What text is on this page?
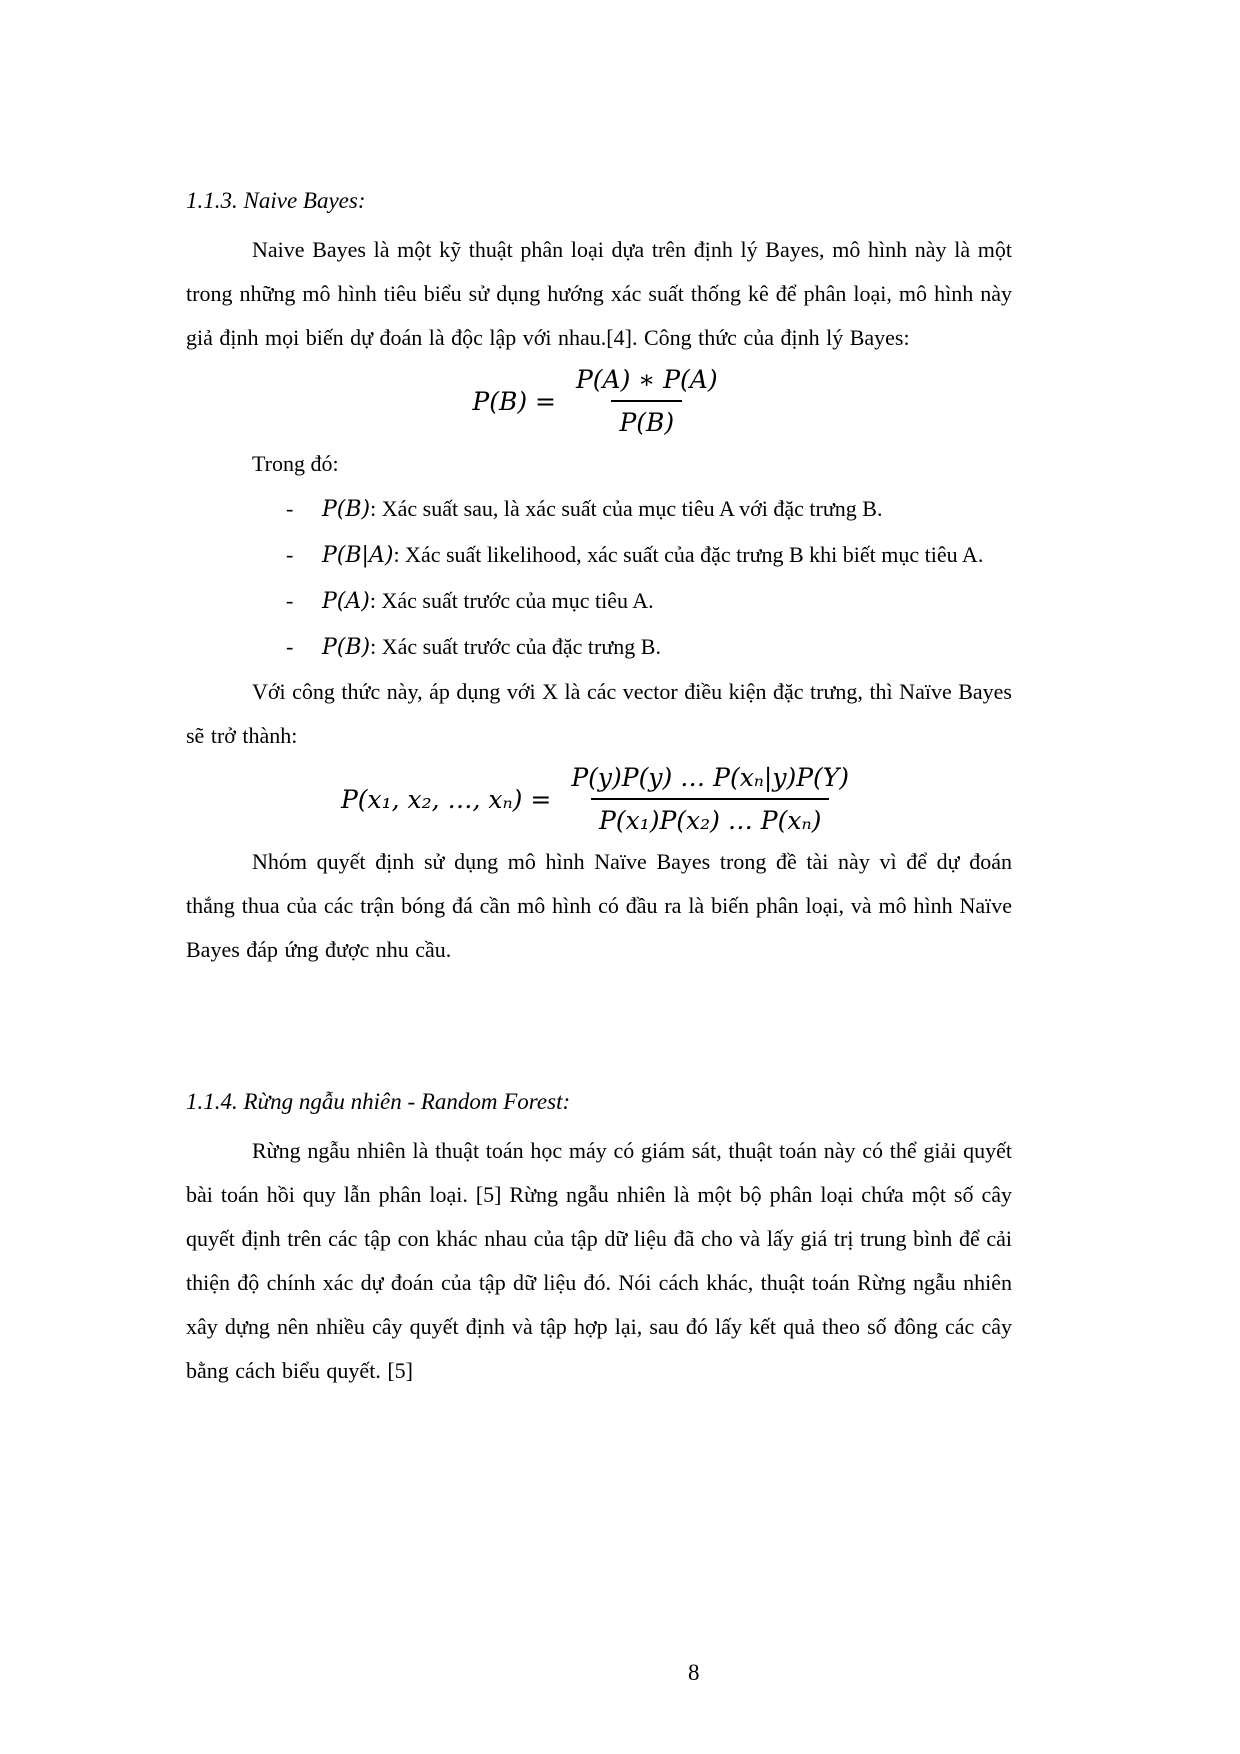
1.1.3. Naive Bayes:

Naive Bayes là một kỹ thuật phân loại dựa trên định lý Bayes, mô hình này là một trong những mô hình tiêu biểu sử dụng hướng xác suất thống kê để phân loại, mô hình này giả định mọi biến dự đoán là độc lập với nhau.[4]. Công thức của định lý Bayes:

$P(B) = \frac{P(A) ∗ P(A)}{P(B)}$

Trong đó:

-	P(B): Xác suất sau, là xác suất của mục tiêu A với đặc trưng B.
-	P(B|A): Xác suất likelihood, xác suất của đặc trưng B khi biết mục tiêu A.
-	P(A): Xác suất trước của mục tiêu A.
-	P(B): Xác suất trước của đặc trưng B.

Với công thức này, áp dụng với X là các vector điều kiện đặc trưng, thì Naïve Bayes sẽ trở thành:

P(x₁, x₂, …, $x_n) = \frac{\text{P(y)P(y) … P(xₙ|y)P(Y)}}{\text{P(x₁)P(x₂) … P(xₙ)}}$

Nhóm quyết định sử dụng mô hình Naïve Bayes trong đề tài này vì để dự đoán thắng thua của các trận bóng đá cần mô hình có đầu ra là biến phân loại, và mô hình Naïve Bayes đáp ứng được nhu cầu.

1.1.4. Rừng ngẫu nhiên - Random Forest:

Rừng ngẫu nhiên là thuật toán học máy có giám sát, thuật toán này có thể giải quyết bài toán hồi quy lẫn phân loại. [5] Rừng ngẫu nhiên là một bộ phân loại chứa một số cây quyết định trên các tập con khác nhau của tập dữ liệu đã cho và lấy giá trị trung bình để cải thiện độ chính xác dự đoán của tập dữ liệu đó. Nói cách khác, thuật toán Rừng ngẫu nhiên xây dựng nên nhiều cây quyết định và tập hợp lại, sau đó lấy kết quả theo số đông các cây bằng cách biểu quyết. [5]

8
